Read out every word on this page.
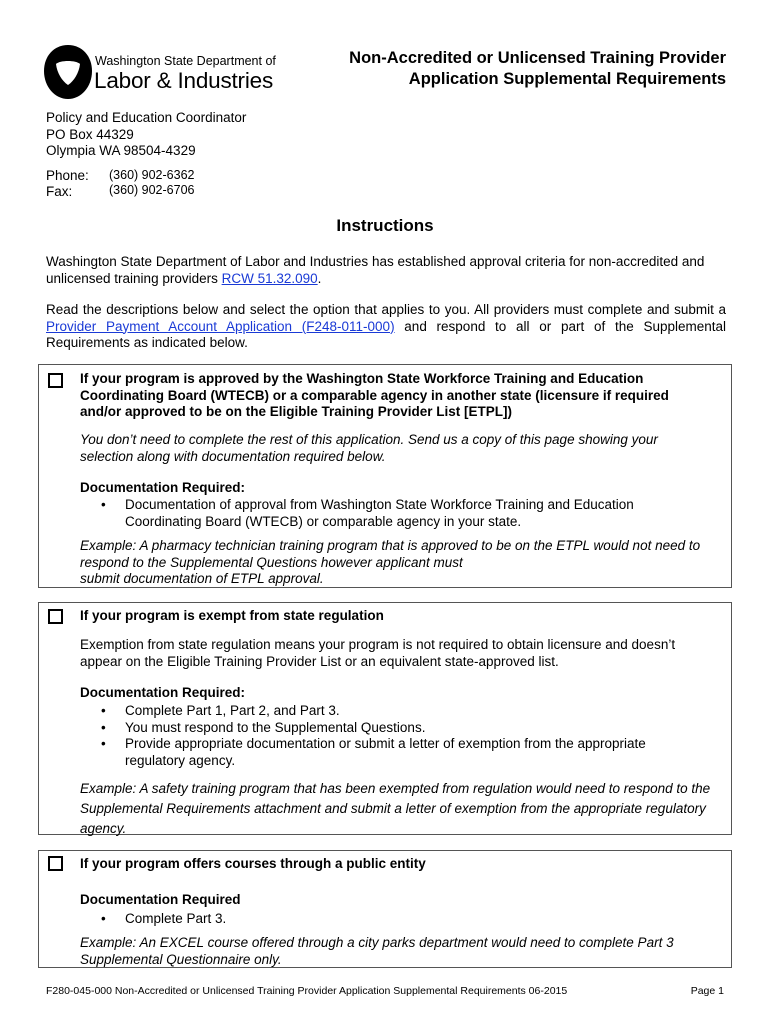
Washington State Department of
Labor & Industries
Non-Accredited or Unlicensed Training Provider
Application Supplemental Requirements
Policy and Education Coordinator
PO Box 44329
Olympia WA 98504-4329
Phone: (360) 902-6362
Fax:	(360) 902-6706
Instructions
Washington State Department of Labor and Industries has established approval criteria for non-accredited and unlicensed training providers RCW 51.32.090.
Read the descriptions below and select the option that applies to you. All providers must complete and submit a Provider Payment Account Application (F248-011-000) and respond to all or part of the Supplemental Requirements as indicated below.
If your program is approved by the Washington State Workforce Training and Education Coordinating Board (WTECB) or a comparable agency in another state (licensure if required and/or approved to be on the Eligible Training Provider List [ETPL])
You don’t need to complete the rest of this application. Send us a copy of this page showing your selection along with documentation required below.
Documentation Required:
• Documentation of approval from Washington State Workforce Training and Education Coordinating Board (WTECB) or comparable agency in your state.
Example: A pharmacy technician training program that is approved to be on the ETPL would not need to
respond to the Supplemental Questions however applicant must
submit documentation of ETPL approval.
If your program is exempt from state regulation
Exemption from state regulation means your program is not required to obtain licensure and doesn’t appear on the Eligible Training Provider List or an equivalent state-approved list.
Documentation Required:
• Complete Part 1, Part 2, and Part 3.
• You must respond to the Supplemental Questions.
• Provide appropriate documentation or submit a letter of exemption from the appropriate regulatory agency.
Example: A safety training program that has been exempted from regulation would need to respond to the Supplemental Requirements attachment and submit a letter of exemption from the appropriate regulatory agency.
If your program offers courses through a public entity
Documentation Required
• Complete Part 3.
Example: An EXCEL course offered through a city parks department would need to complete Part 3 Supplemental Questionnaire only.
F280-045-000 Non-Accredited or Unlicensed Training Provider Application Supplemental Requirements 06-2015	Page 1
